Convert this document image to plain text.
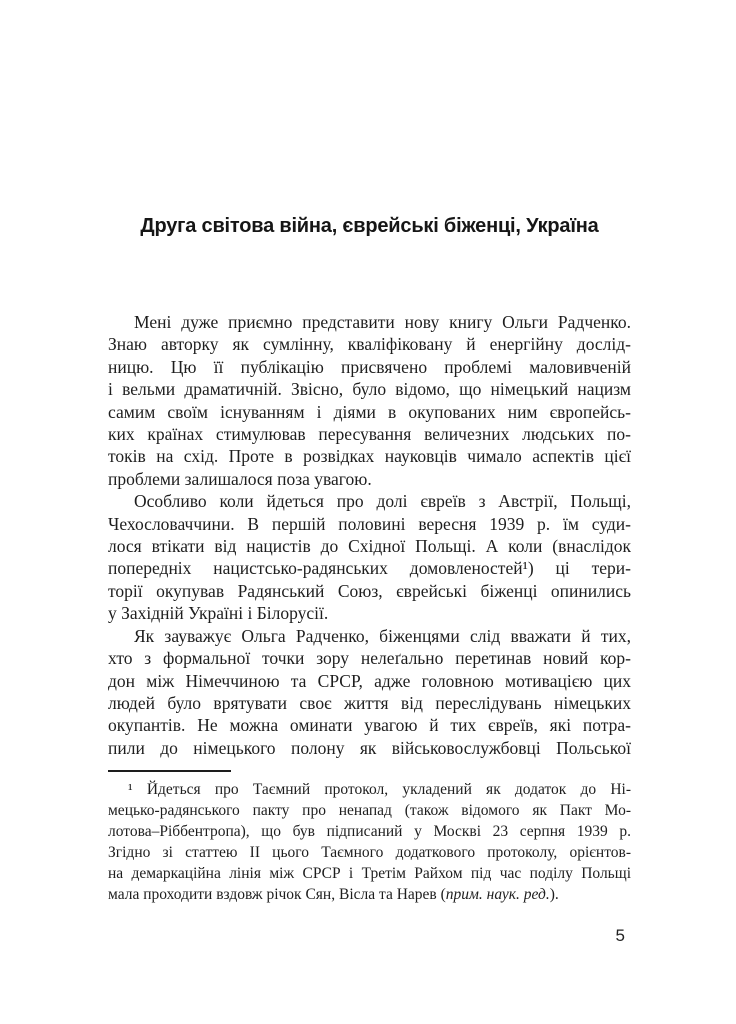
Друга світова війна, єврейські біженці, Україна
Мені дуже приємно представити нову книгу Ольги Радченко.
Знаю авторку як сумлінну, кваліфіковану й енергійну дослід-
ницю. Цю її публікацію присвячено проблемі маловивченій
і вельми драматичній. Звісно, було відомо, що німецький нацизм
самим своїм існуванням і діями в окупованих ним європейсь-
ких країнах стимулював пересування величезних людських по-
токів на схід. Проте в розвідках науковців чимало аспектів цієї
проблеми залишалося поза увагою.
Особливо коли йдеться про долі євреїв з Австрії, Польщі,
Чехословаччини. В першій половині вересня 1939 р. їм суди-
лося втікати від нацистів до Східної Польщі. А коли (внаслідок
попередніх нацистсько-радянських домовленостей¹) ці тери-
торії окупував Радянський Союз, єврейські біженці опинились
у Західній Україні і Білорусії.
Як зауважує Ольга Радченко, біженцями слід вважати й тих,
хто з формальної точки зору нелеґально перетинав новий кор-
дон між Німеччиною та СРСР, адже головною мотивацією цих
людей було врятувати своє життя від переслідувань німецьких
окупантів. Не можна оминати увагою й тих євреїв, які потра-
пили до німецького полону як військовослужбовці Польської
¹ Йдеться про Таємний протокол, укладений як додаток до Ні-
мецько-радянського пакту про ненапад (також відомого як Пакт Мо-
лотова–Ріббентропа), що був підписаний у Москві 23 серпня 1939 р.
Згідно зі статтею II цього Таємного додаткового протоколу, орієнтов-
на демаркаційна лінія між СРСР і Третім Райхом під час поділу Польщі
мала проходити вздовж річок Сян, Вісла та Нарев (прим. наук. ред.).
5
